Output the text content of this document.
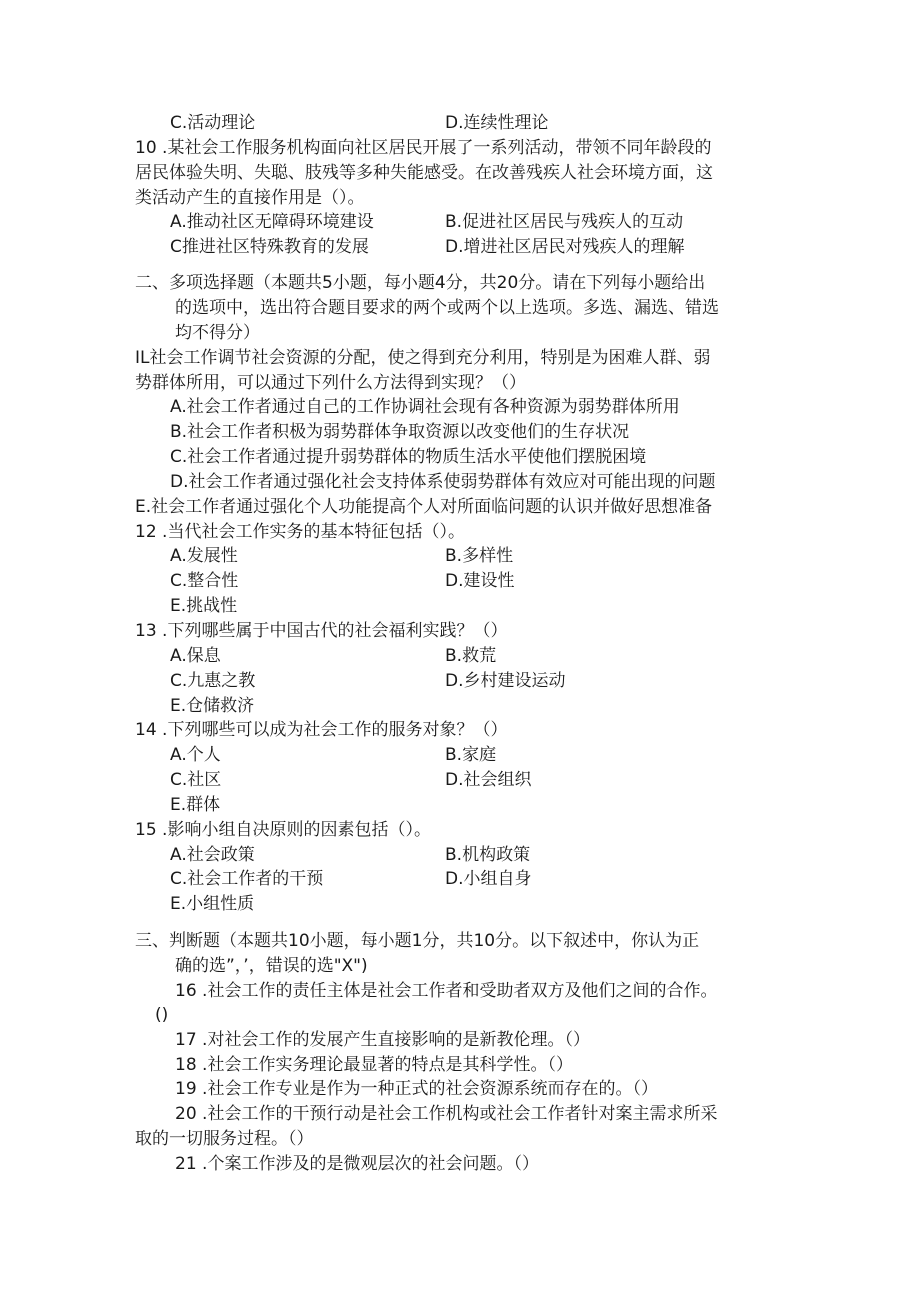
C.活动理论	D.连续性理论
10 .某社会工作服务机构面向社区居民开展了一系列活动，带领不同年龄段的
居民体验失明、失聪、肢残等多种失能感受。在改善残疾人社会环境方面，这
类活动产生的直接作用是（）。
A.推动社区无障碍环境建设	B.促进社区居民与残疾人的互动
C推进社区特殊教育的发展	D.增进社区居民对残疾人的理解
二、多项选择题（本题共5小题，每小题4分，共20分。请在下列每小题给出
的选项中，选出符合题目要求的两个或两个以上选项。多选、漏选、错选
均不得分）
IL社会工作调节社会资源的分配，使之得到充分利用，特别是为困难人群、弱
势群体所用，可以通过下列什么方法得到实现？（）
A.社会工作者通过自己的工作协调社会现有各种资源为弱势群体所用
B.社会工作者积极为弱势群体争取资源以改变他们的生存状况
C.社会工作者通过提升弱势群体的物质生活水平使他们摆脱困境
D.社会工作者通过强化社会支持体系使弱势群体有效应对可能出现的问题
E.社会工作者通过强化个人功能提高个人对所面临问题的认识并做好思想准备
12 .当代社会工作实务的基本特征包括（）。
A.发展性	B.多样性
C.整合性	D.建设性
E.挑战性
13 .下列哪些属于中国古代的社会福利实践？（）
A.保息	B.救荒
C.九惠之教	D.乡村建设运动
E.仓储救济
14 .下列哪些可以成为社会工作的服务对象？（）
A.个人	B.家庭
C.社区	D.社会组织
E.群体
15 .影响小组自决原则的因素包括（）。
A.社会政策	B.机构政策
C.社会工作者的干预	D.小组自身
E.小组性质
三、判断题（本题共10小题，每小题1分，共10分。以下叙述中，你认为正
确的选”，’，错误的选"X")
16 .社会工作的责任主体是社会工作者和受助者双方及他们之间的合作。
()
17 .对社会工作的发展产生直接影响的是新教伦理。（）
18 .社会工作实务理论最显著的特点是其科学性。（）
19 .社会工作专业是作为一种正式的社会资源系统而存在的。（）
20 .社会工作的干预行动是社会工作机构或社会工作者针对案主需求所采
取的一切服务过程。（）
21 .个案工作涉及的是微观层次的社会问题。（）
